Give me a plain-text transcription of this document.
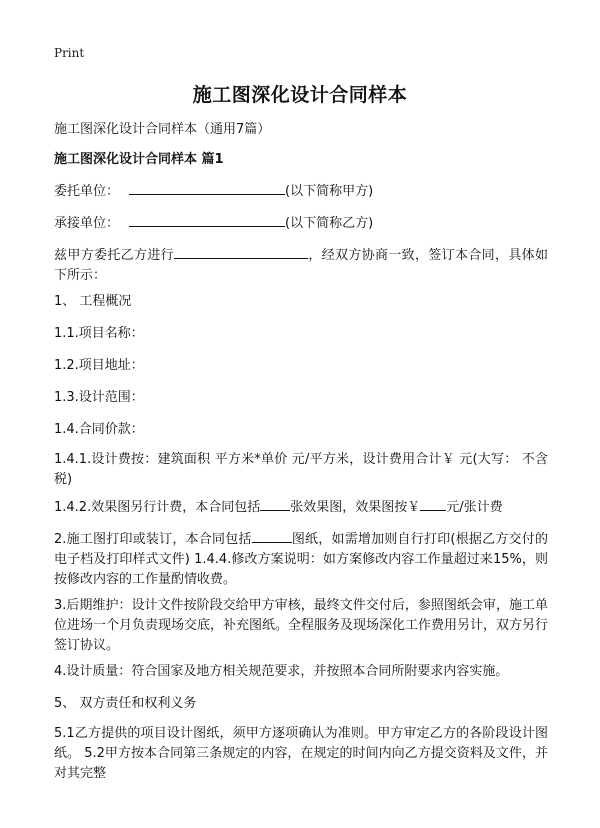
Print
施工图深化设计合同样本
施工图深化设计合同样本（通用7篇）
施工图深化设计合同样本 篇1
委托单位：	(以下简称甲方)
承接单位：	(以下简称乙方)
兹甲方委托乙方进行	，经双方协商一致，签订本合同，具体如下所示：
1、 工程概况
1.1.项目名称：
1.2.项目地址：
1.3.设计范围：
1.4.合同价款：
1.4.1.设计费按：建筑面积 平方米*单价 元/平方米，设计费用合计￥ 元(大写： 不含税)
1.4.2.效果图另行计费，本合同包括 张效果图，效果图按￥ 元/张计费
2.施工图打印或装订，本合同包括	图纸，如需增加则自行打印(根据乙方交付的电子档及打印样式文件) 1.4.4.修改方案说明：如方案修改内容工作量超过来15%，则按修改内容的工作量酌情收费。
3.后期维护：设计文件按阶段交给甲方审核，最终文件交付后，参照图纸会审，施工单位进场一个月负责现场交底，补充图纸。全程服务及现场深化工作费用另计，双方另行签订协议。
4.设计质量：符合国家及地方相关规范要求，并按照本合同所附要求内容实施。
5、 双方责任和权利义务
5.1乙方提供的项目设计图纸，须甲方逐项确认为准则。甲方审定乙方的各阶段设计图纸。 5.2甲方按本合同第三条规定的内容，在规定的时间内向乙方提交资料及文件，并对其完整
